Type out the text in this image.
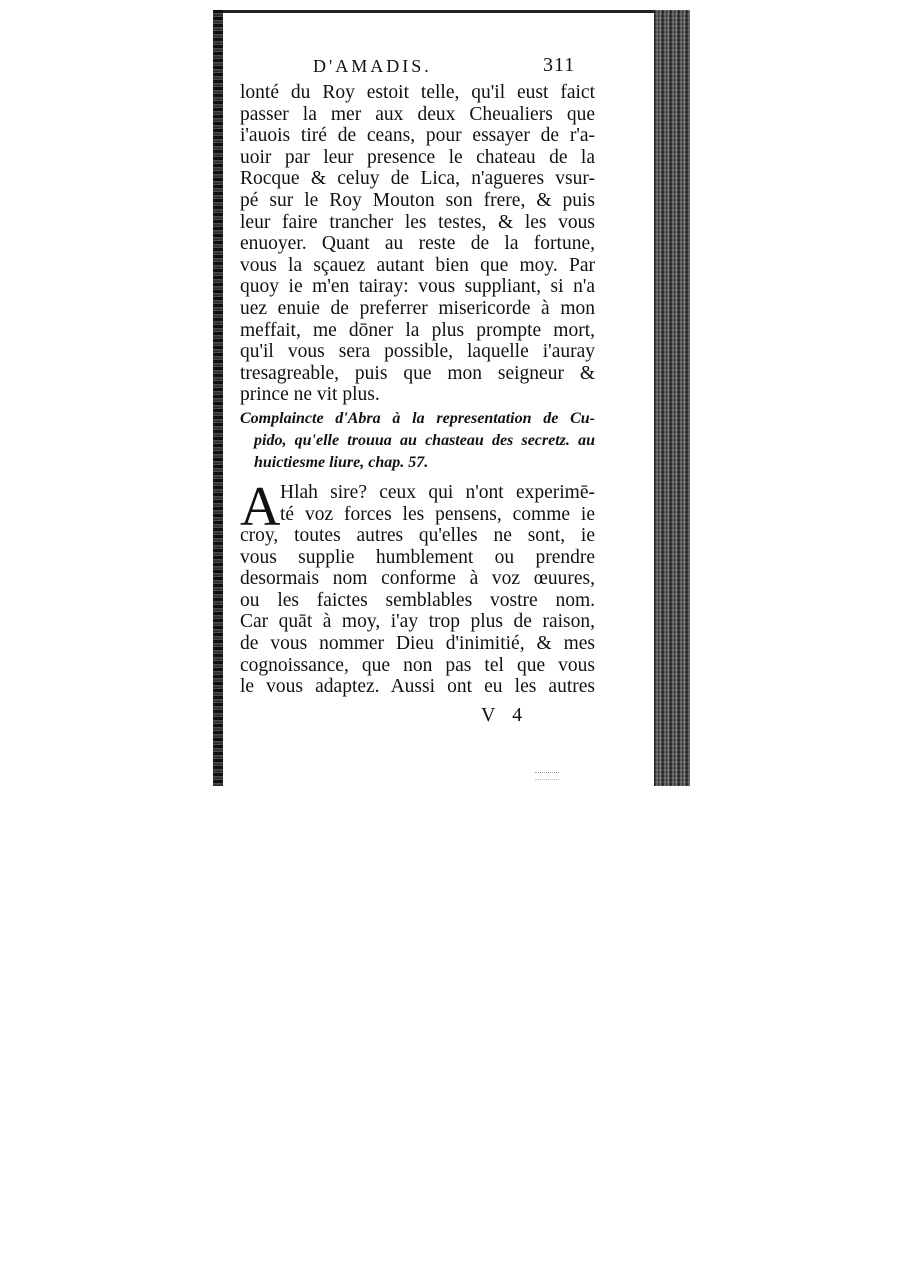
D'AMADIS.	311
lonté du Roy estoit telle, qu'il eust faict
passer la mer aux deux Cheualiers que
i'auois tiré de ceans, pour essayer de r'a-
uoir par leur presence le chateau de la
Rocque & celuy de Lica, n'agueres vsur-
pé sur le Roy Mouton son frere, & puis
leur faire trancher les testes, & les vous
enuoyer. Quant au reste de la fortune,
vous la sçauez autant bien que moy. Par
quoy ie m'en tairay: vous suppliant, si n'a
uez enuie de preferrer misericorde à mon
meffait, me dōner la plus prompte mort,
qu'il vous sera possible, laquelle i'auray
tresagreable, puis que mon seigneur &
prince ne vit plus.
Complaincte d'Abra à la representation de Cu-
pido, qu'elle trouua au chasteau des secretz. au
huictiesme liure, chap. 57.
A Hlah sire? ceux qui n'ont experimē-
té voz forces les pensens, comme ie
croy, toutes autres qu'elles ne sont, ie
vous supplie humblement ou prendre
desormais nom conforme à voz œuures,
ou les faictes semblables vostre nom.
Car quāt à moy, i'ay trop plus de raison,
de vous nommer Dieu d'inimitié, & mes
cognoissance, que non pas tel que vous
le vous adaptez. Aussi ont eu les autres
V 4
